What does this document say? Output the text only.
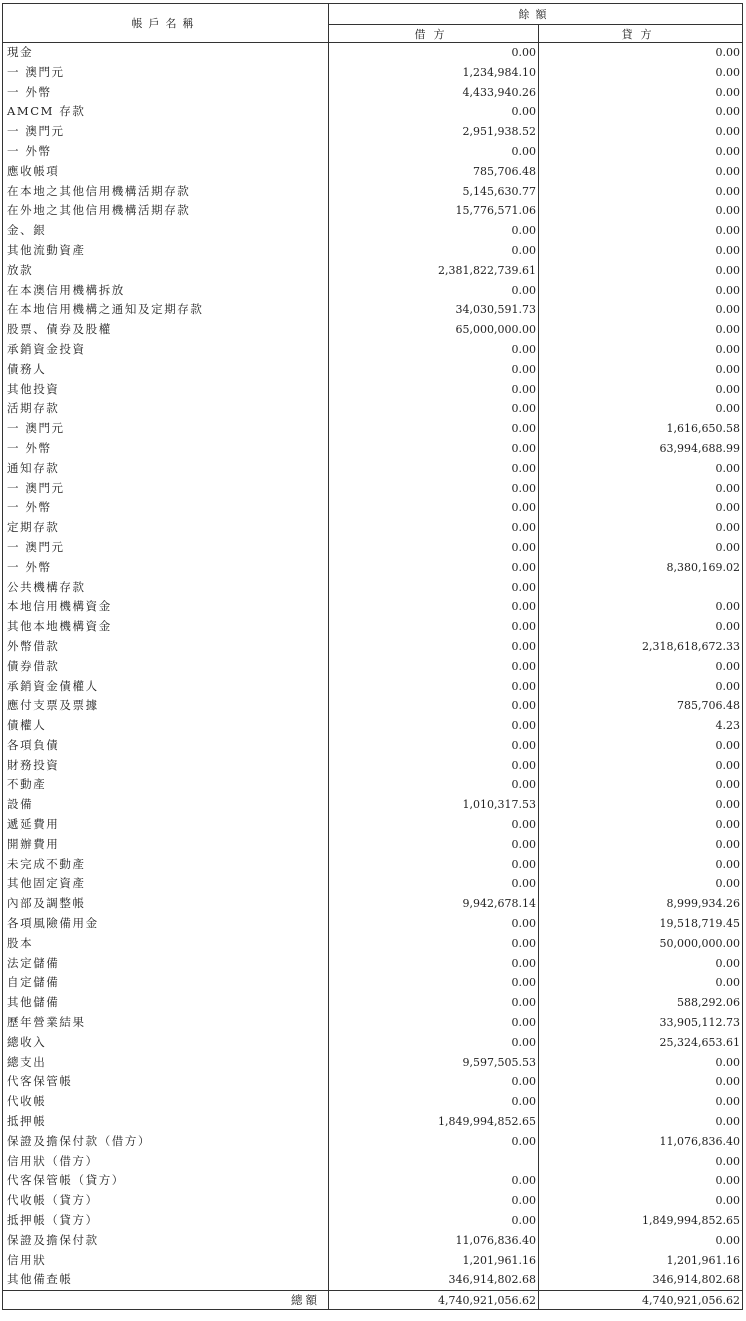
帳戶名稱	餘額	
	借方	貸方
現金	0.00	0.00
一 澳門元	1,234,984.10	0.00
一 外幣	4,433,940.26	0.00
AMCM 存款	0.00	0.00
一 澳門元	2,951,938.52	0.00
一 外幣	0.00	0.00
應收帳項	785,706.48	0.00
在本地之其他信用機構活期存款	5,145,630.77	0.00
在外地之其他信用機構活期存款	15,776,571.06	0.00
金、銀	0.00	0.00
其他流動資產	0.00	0.00
放款	2,381,822,739.61	0.00
在本澳信用機構拆放	0.00	0.00
在本地信用機構之通知及定期存款	34,030,591.73	0.00
股票、債券及股權	65,000,000.00	0.00
承銷資金投資	0.00	0.00
債務人	0.00	0.00
其他投資	0.00	0.00
活期存款	0.00	0.00
一 澳門元	0.00	1,616,650.58
一 外幣	0.00	63,994,688.99
通知存款	0.00	0.00
一 澳門元	0.00	0.00
一 外幣	0.00	0.00
定期存款	0.00	0.00
一 澳門元	0.00	0.00
一 外幣	0.00	8,380,169.02
公共機構存款	0.00	
本地信用機構資金	0.00	0.00
其他本地機構資金	0.00	0.00
外幣借款	0.00	2,318,618,672.33
債券借款	0.00	0.00
承銷資金債權人	0.00	0.00
應付支票及票據	0.00	785,706.48
債權人	0.00	4.23
各項負債	0.00	0.00
財務投資	0.00	0.00
不動產	0.00	0.00
設備	1,010,317.53	0.00
遞延費用	0.00	0.00
開辦費用	0.00	0.00
未完成不動產	0.00	0.00
其他固定資產	0.00	0.00
內部及調整帳	9,942,678.14	8,999,934.26
各項風險備用金	0.00	19,518,719.45
股本	0.00	50,000,000.00
法定儲備	0.00	0.00
自定儲備	0.00	0.00
其他儲備	0.00	588,292.06
歷年營業結果	0.00	33,905,112.73
總收入	0.00	25,324,653.61
總支出	9,597,505.53	0.00
代客保管帳	0.00	0.00
代收帳	0.00	0.00
抵押帳	1,849,994,852.65	0.00
保證及擔保付款（借方）	0.00	11,076,836.40
信用狀（借方）		0.00
代客保管帳（貸方）	0.00	0.00
代收帳（貸方）	0.00	0.00
抵押帳（貸方）	0.00	1,849,994,852.65
保證及擔保付款	11,076,836.40	0.00
信用狀	1,201,961.16	1,201,961.16
其他備查帳	346,914,802.68	346,914,802.68
總額	4,740,921,056.62	4,740,921,056.62
